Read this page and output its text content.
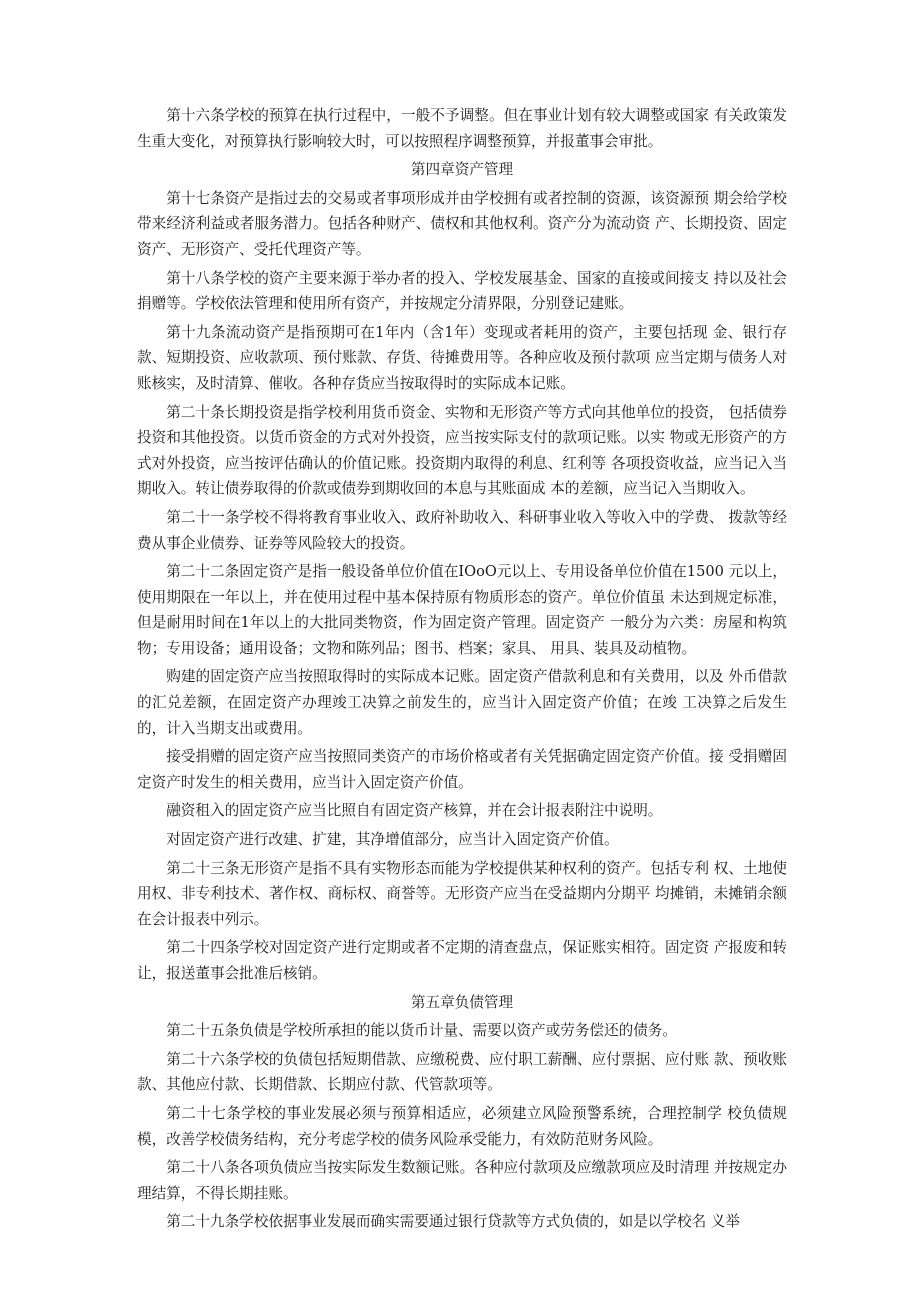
第十六条学校的预算在执行过程中，一般不予调整。但在事业计划有较大调整或国家 有关政策发生重大变化，对预算执行影响较大时，可以按照程序调整预算，并报董事会审批。

第四章资产管理

第十七条资产是指过去的交易或者事项形成并由学校拥有或者控制的资源，该资源预 期会给学校带来经济利益或者服务潜力。包括各种财产、债权和其他权利。资产分为流动资 产、长期投资、固定资产、无形资产、受托代理资产等。

第十八条学校的资产主要来源于举办者的投入、学校发展基金、国家的直接或间接支 持以及社会捐赠等。学校依法管理和使用所有资产，并按规定分清界限，分别登记建账。

第十九条流动资产是指预期可在1年内（含1年）变现或者耗用的资产，主要包括现 金、银行存款、短期投资、应收款项、预付账款、存货、待摊费用等。各种应收及预付款项 应当定期与债务人对账核实，及时清算、催收。各种存货应当按取得时的实际成本记账。

第二十条长期投资是指学校利用货币资金、实物和无形资产等方式向其他单位的投资， 包括债券投资和其他投资。以货币资金的方式对外投资，应当按实际支付的款项记账。以实 物或无形资产的方式对外投资，应当按评估确认的价值记账。投资期内取得的利息、红利等 各项投资收益，应当记入当期收入。转让债券取得的价款或债券到期收回的本息与其账面成 本的差额，应当记入当期收入。

第二十一条学校不得将教育事业收入、政府补助收入、科研事业收入等收入中的学费、 拨款等经费从事企业债券、证券等风险较大的投资。

第二十二条固定资产是指一般设备单位价值在IOoO元以上、专用设备单位价值在1500 元以上，使用期限在一年以上，并在使用过程中基本保持原有物质形态的资产。单位价值虽 未达到规定标准，但是耐用时间在1年以上的大批同类物资，作为固定资产管理。固定资产 一般分为六类：房屋和构筑物；专用设备；通用设备；文物和陈列品；图书、档案；家具、 用具、装具及动植物。

购建的固定资产应当按照取得时的实际成本记账。固定资产借款利息和有关费用，以及 外币借款的汇兑差额，在固定资产办理竣工决算之前发生的，应当计入固定资产价值；在竣 工决算之后发生的，计入当期支出或费用。

接受捐赠的固定资产应当按照同类资产的市场价格或者有关凭据确定固定资产价值。接 受捐赠固定资产时发生的相关费用，应当计入固定资产价值。

融资租入的固定资产应当比照自有固定资产核算，并在会计报表附注中说明。

对固定资产进行改建、扩建，其净增值部分，应当计入固定资产价值。

第二十三条无形资产是指不具有实物形态而能为学校提供某种权利的资产。包括专利 权、土地使用权、非专利技术、著作权、商标权、商誉等。无形资产应当在受益期内分期平 均摊销，未摊销余额在会计报表中列示。

第二十四条学校对固定资产进行定期或者不定期的清查盘点，保证账实相符。固定资 产报废和转让，报送董事会批准后核销。

第五章负债管理

第二十五条负债是学校所承担的能以货币计量、需要以资产或劳务偿还的债务。

第二十六条学校的负债包括短期借款、应缴税费、应付职工薪酬、应付票据、应付账 款、预收账款、其他应付款、长期借款、长期应付款、代管款项等。

第二十七条学校的事业发展必须与预算相适应，必须建立风险预警系统，合理控制学 校负债规模，改善学校债务结构，充分考虑学校的债务风险承受能力，有效防范财务风险。

第二十八条各项负债应当按实际发生数额记账。各种应付款项及应缴款项应及时清理 并按规定办理结算，不得长期挂账。

第二十九条学校依据事业发展而确实需要通过银行贷款等方式负债的，如是以学校名 义举
